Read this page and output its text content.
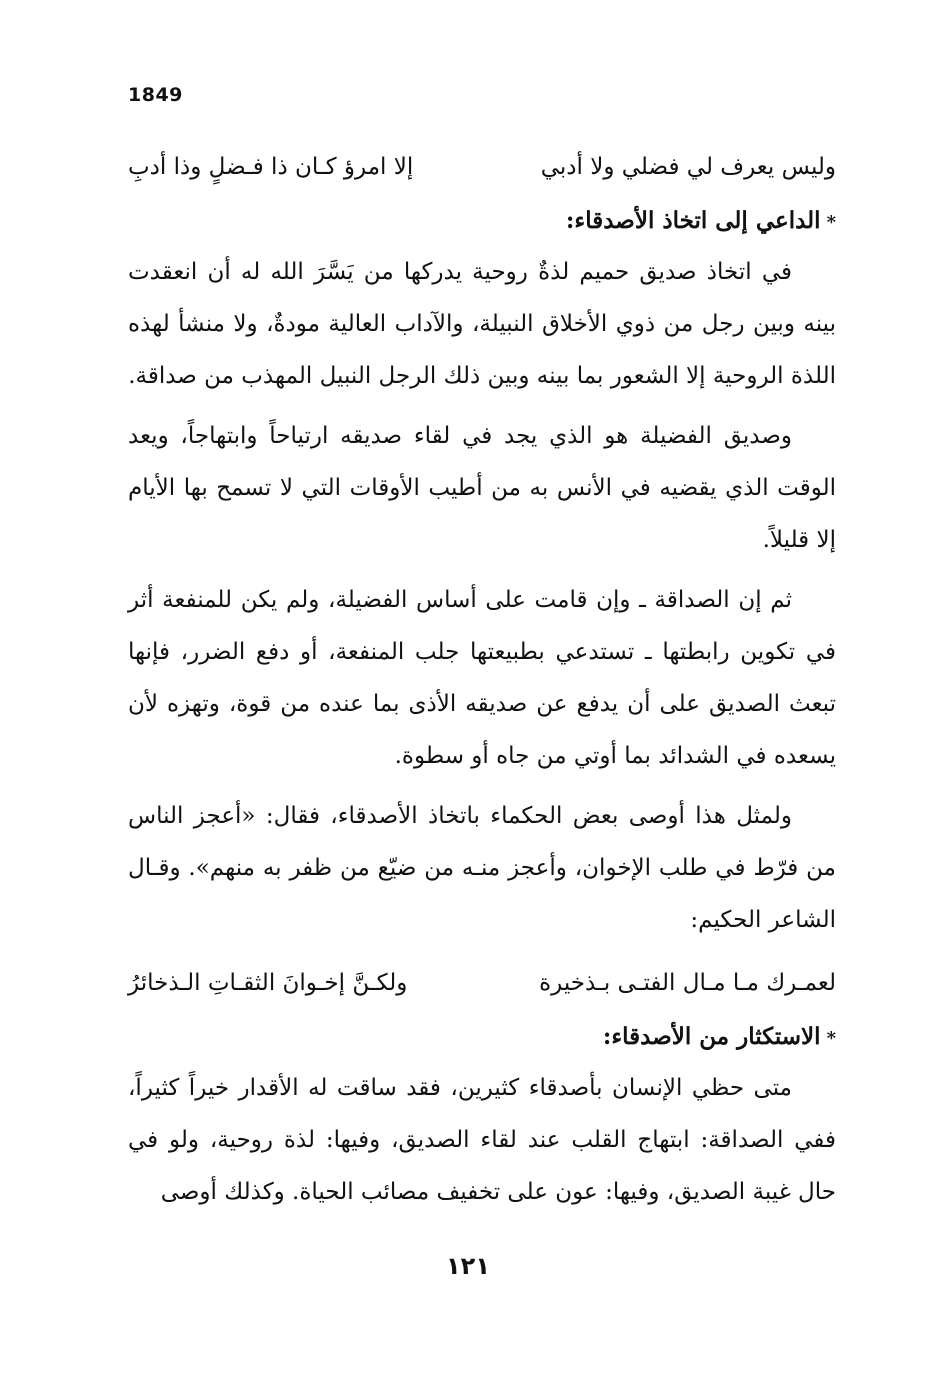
1849
وليس يعرف لي فضلي ولا أدبي
إلا امرؤ كـان ذا فـضلٍ وذا أدبِ
*الداعي إلى اتخاذ الأصدقاء:
في اتخاذ صديق حميم لذةٌ روحية يدركها من يَسَّرَ الله له أن انعقدت بينه وبين رجل من ذوي الأخلاق النبيلة، والآداب العالية مودةٌ، ولا منشأ لهذه اللذة الروحية إلا الشعور بما بينه وبين ذلك الرجل النبيل المهذب من صداقة.
وصديق الفضيلة هو الذي يجد في لقاء صديقه ارتياحاً وابتهاجاً، ويعد الوقت الذي يقضيه في الأنس به من أطيب الأوقات التي لا تسمح بها الأيام إلا قليلاً.
ثم إن الصداقة ـ وإن قامت على أساس الفضيلة، ولم يكن للمنفعة أثر في تكوين رابطتها ـ تستدعي بطبيعتها جلب المنفعة، أو دفع الضرر، فإنها تبعث الصديق على أن يدفع عن صديقه الأذى بما عنده من قوة، وتهزه لأن يسعده في الشدائد بما أوتي من جاه أو سطوة.
ولمثل هذا أوصى بعض الحكماء باتخاذ الأصدقاء، فقال: «أعجز الناس من فرّط في طلب الإخوان، وأعجز منـه من ضيّع من ظفر به منهم». وقـال الشاعر الحكيم:
لعمـرك مـا مـال الفتـى بـذخيرة
ولكـنَّ إخـوانَ الثقـاتِ الـذخائرُ
*الاستكثار من الأصدقاء:
متى حظي الإنسان بأصدقاء كثيرين، فقد ساقت له الأقدار خيراً كثيراً، ففي الصداقة: ابتهاج القلب عند لقاء الصديق، وفيها: لذة روحية، ولو في حال غيبة الصديق، وفيها: عون على تخفيف مصائب الحياة. وكذلك أوصى
١٢١
